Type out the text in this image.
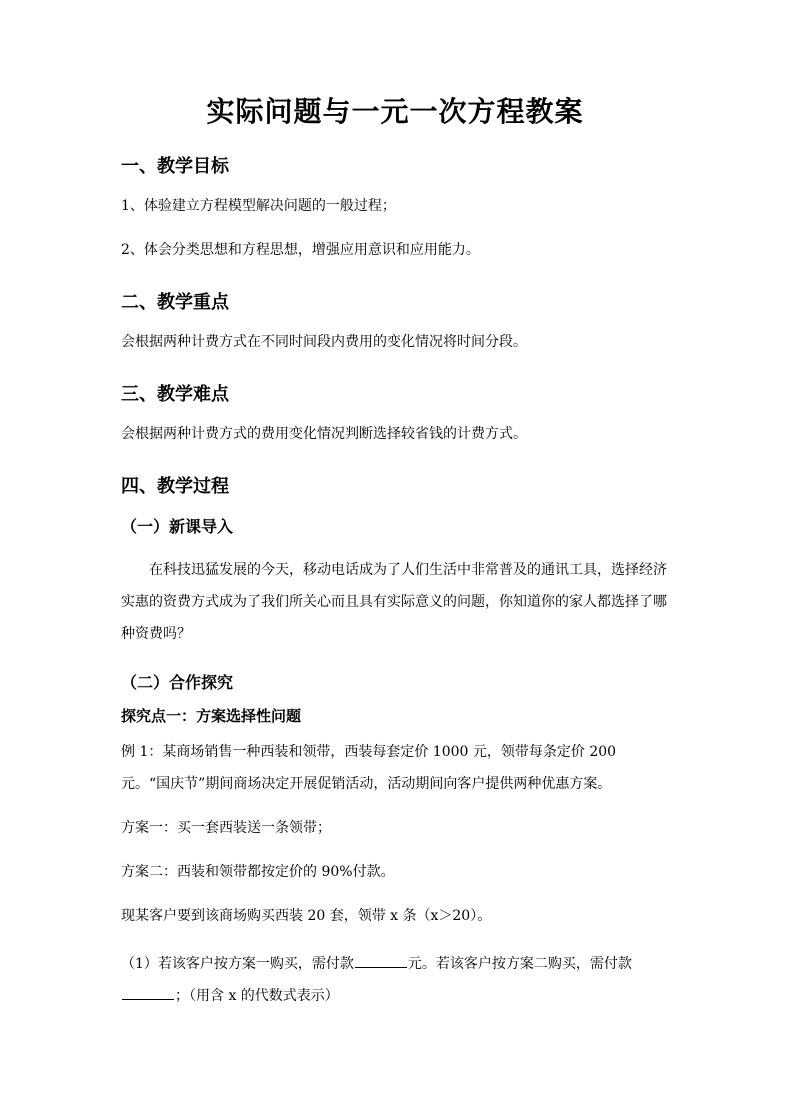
实际问题与一元一次方程教案
一、教学目标
1、体验建立方程模型解决问题的一般过程；
2、体会分类思想和方程思想，增强应用意识和应用能力。
二、教学重点
会根据两种计费方式在不同时间段内费用的变化情况将时间分段。
三、教学难点
会根据两种计费方式的费用变化情况判断选择较省钱的计费方式。
四、教学过程
（一）新课导入
在科技迅猛发展的今天，移动电话成为了人们生活中非常普及的通讯工具，选择经济实惠的资费方式成为了我们所关心而且具有实际意义的问题，你知道你的家人都选择了哪种资费吗？
（二）合作探究
探究点一：方案选择性问题
例 1：某商场销售一种西装和领带，西装每套定价 1000 元，领带每条定价 200 元。“国庆节”期间商场决定开展促销活动，活动期间向客户提供两种优惠方案。
方案一：买一套西装送一条领带；
方案二：西装和领带都按定价的 90%付款。
现某客户要到该商场购买西装 20 套，领带 x 条（x＞20）。
（1）若该客户按方案一购买，需付款	元。若该客户按方案二购买，需付款
；（用含 x 的代数式表示）
